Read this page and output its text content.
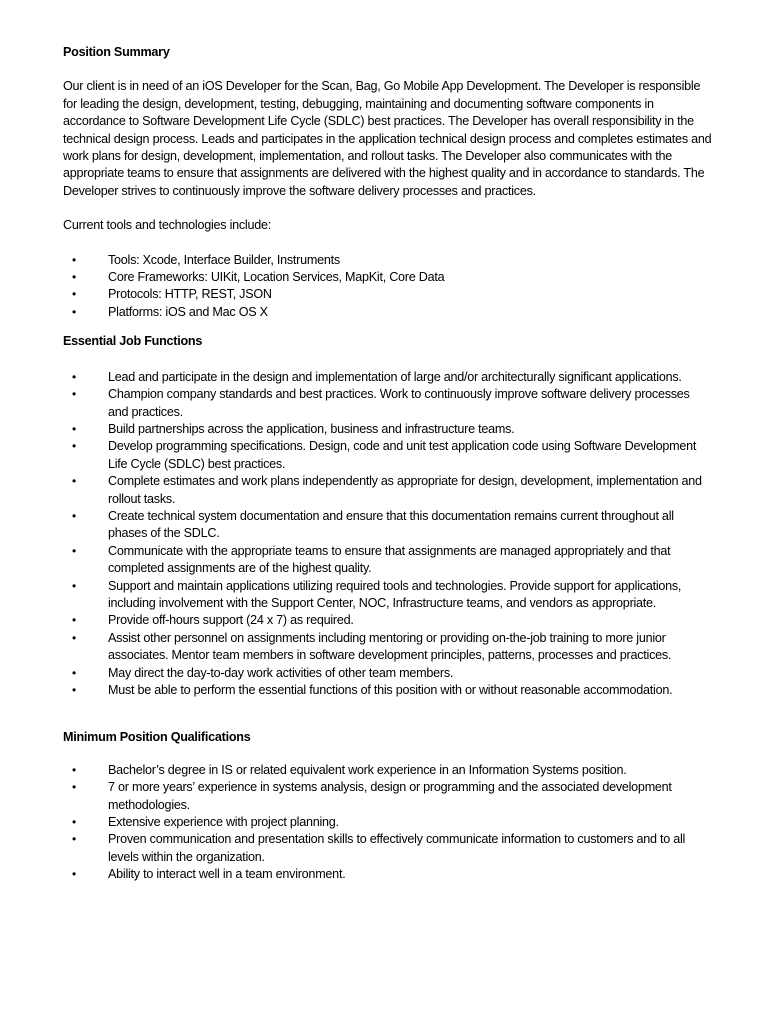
Position Summary

Our client is in need of an iOS Developer for the Scan, Bag, Go Mobile App Development. The Developer is responsible for leading the design, development, testing, debugging, maintaining and documenting software components in accordance to Software Development Life Cycle (SDLC) best practices. The Developer has overall responsibility in the technical design process. Leads and participates in the application technical design process and completes estimates and work plans for design, development, implementation, and rollout tasks. The Developer also communicates with the appropriate teams to ensure that assignments are delivered with the highest quality and in accordance to standards. The Developer strives to continuously improve the software delivery processes and practices.

Current tools and technologies include:

• Tools: Xcode, Interface Builder, Instruments
• Core Frameworks: UIKit, Location Services, MapKit, Core Data
• Protocols: HTTP, REST, JSON
• Platforms: iOS and Mac OS X
Essential Job Functions
• Lead and participate in the design and implementation of large and/or architecturally significant applications.
• Champion company standards and best practices. Work to continuously improve software delivery processes and practices.
• Build partnerships across the application, business and infrastructure teams.
• Develop programming specifications. Design, code and unit test application code using Software Development Life Cycle (SDLC) best practices.
• Complete estimates and work plans independently as appropriate for design, development, implementation and rollout tasks.
• Create technical system documentation and ensure that this documentation remains current throughout all phases of the SDLC.
• Communicate with the appropriate teams to ensure that assignments are managed appropriately and that completed assignments are of the highest quality.
• Support and maintain applications utilizing required tools and technologies. Provide support for applications, including involvement with the Support Center, NOC, Infrastructure teams, and vendors as appropriate.
• Provide off-hours support (24 x 7) as required.
• Assist other personnel on assignments including mentoring or providing on-the-job training to more junior associates. Mentor team members in software development principles, patterns, processes and practices.
• May direct the day-to-day work activities of other team members.
• Must be able to perform the essential functions of this position with or without reasonable accommodation.
Minimum Position Qualifications
• Bachelor’s degree in IS or related equivalent work experience in an Information Systems position.
• 7 or more years’ experience in systems analysis, design or programming and the associated development methodologies.
• Extensive experience with project planning.
• Proven communication and presentation skills to effectively communicate information to customers and to all levels within the organization.
• Ability to interact well in a team environment.
